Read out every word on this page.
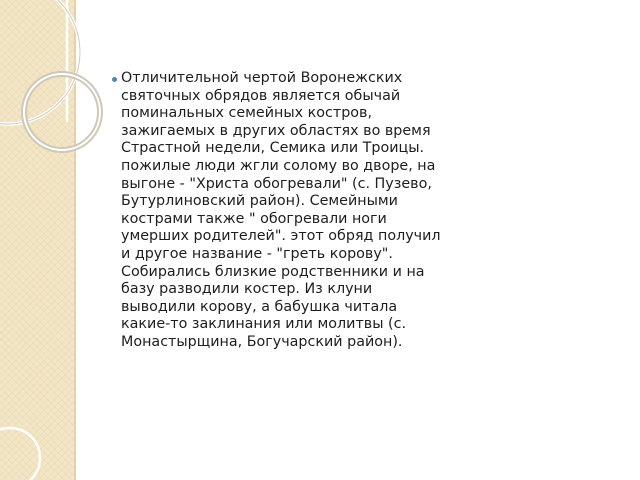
Отличительной чертой Воронежских святочных обрядов является обычай поминальных семейных костров, зажигаемых в других областях во время Страстной недели, Семика или Троицы. пожилые люди жгли солому во дворе, на выгоне - "Христа обогревали" (с. Пузево, Бутурлиновский район). Семейными кострами также " обогревали ноги умерших родителей". этот обряд получил и другое название - "греть корову". Собирались близкие родственники и на базу разводили костер. Из клуни выводили корову, а бабушка читала какие-то заклинания или молитвы (с. Монастырщина, Богучарский район).
